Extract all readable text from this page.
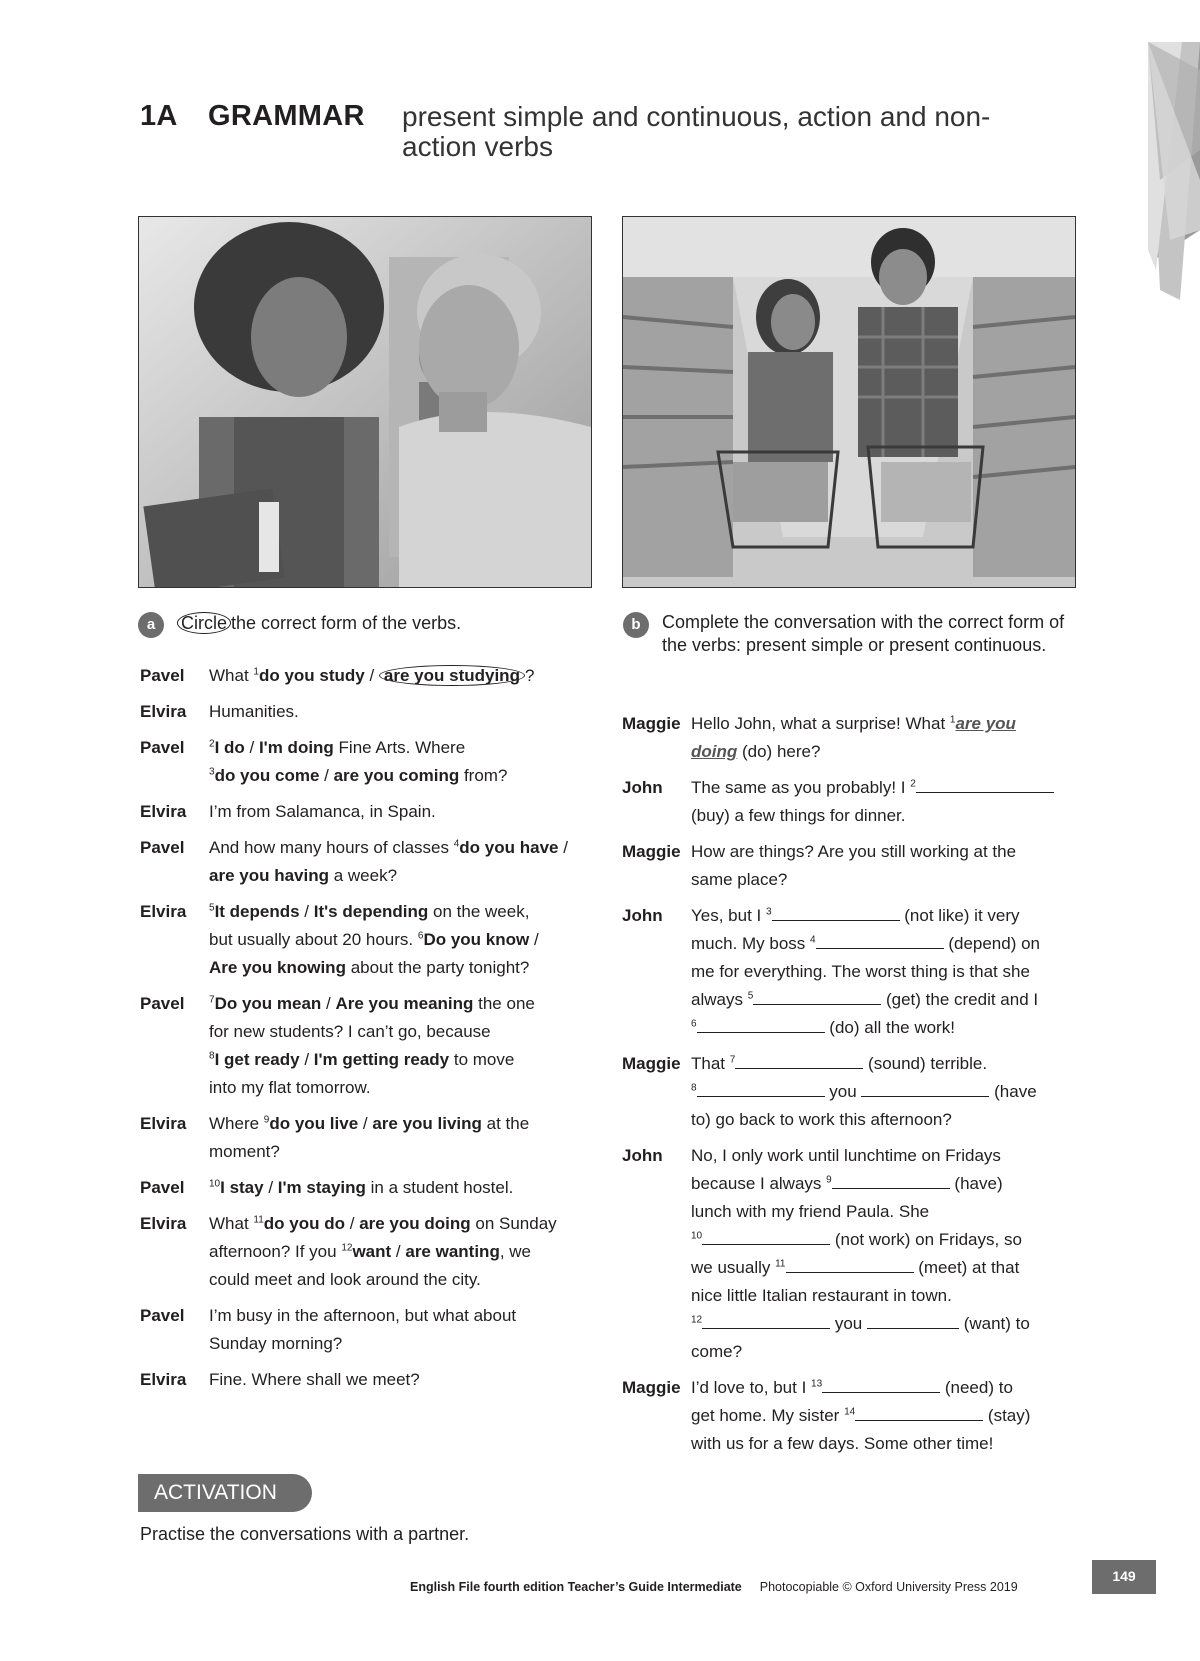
1A GRAMMAR present simple and continuous, action and non-action verbs
a	Circle the correct form of the verbs.
Pavel	What $^1$do you study / are you studying ?
Elvira	Humanities.
Pavel	$^2$I do / I'm doing Fine Arts. Where
$^3$do you come / are you coming from?
Elvira	I’m from Salamanca, in Spain.
Pavel	And how many hours of classes $^4$do you have /
are you having a week?
Elvira	$^5$It depends / It's depending on the week,
but usually about 20 hours. $^6$Do you know /
Are you knowing about the party tonight?
Pavel	$^7$Do you mean / Are you meaning the one
for new students? I can’t go, because
$^8$I get ready / I'm getting ready to move
into my flat tomorrow.
Elvira	Where $^9$do you live / are you living at the
moment?
Pavel	$^{10}$I stay / I'm staying in a student hostel.
Elvira	What $^{11}$do you do / are you doing on Sunday
afternoon? If you $^{12}$want / are wanting, we
could meet and look around the city.
Pavel	I’m busy in the afternoon, but what about
Sunday morning?
Elvira	Fine. Where shall we meet?
b	Complete the conversation with the correct form of the verbs: present simple or present continuous.
Maggie Hello John, what a surprise! What $^1$are you
doing (do) here?
John	The same as you probably! I $^2$
(buy) a few things for dinner.
Maggie How are things? Are you still working at the
same place?
John	Yes, but I $^3$	(not like) it very
much. My boss $^4$	(depend) on
me for everything. The worst thing is that she
always $^5$	(get) the credit and I
$^6$	(do) all the work!
Maggie That $^7$	(sound) terrible.
$^8$	you	(have
to) go back to work this afternoon?
John	No, I only work until lunchtime on Fridays
because I always $^9$	(have)
lunch with my friend Paula. She
$^{10}$	(not work) on Fridays, so
we usually $^{11}$	(meet) at that
nice little Italian restaurant in town.
$^{12}$	you	(want) to
come?
Maggie I’d love to, but I $^{13}$	(need) to
get home. My sister $^{14}$	(stay)
with us for a few days. Some other time!
ACTIVATION
Practise the conversations with a partner.
English File fourth edition Teacher’s Guide Intermediate Photocopiable © Oxford University Press 2019
149
